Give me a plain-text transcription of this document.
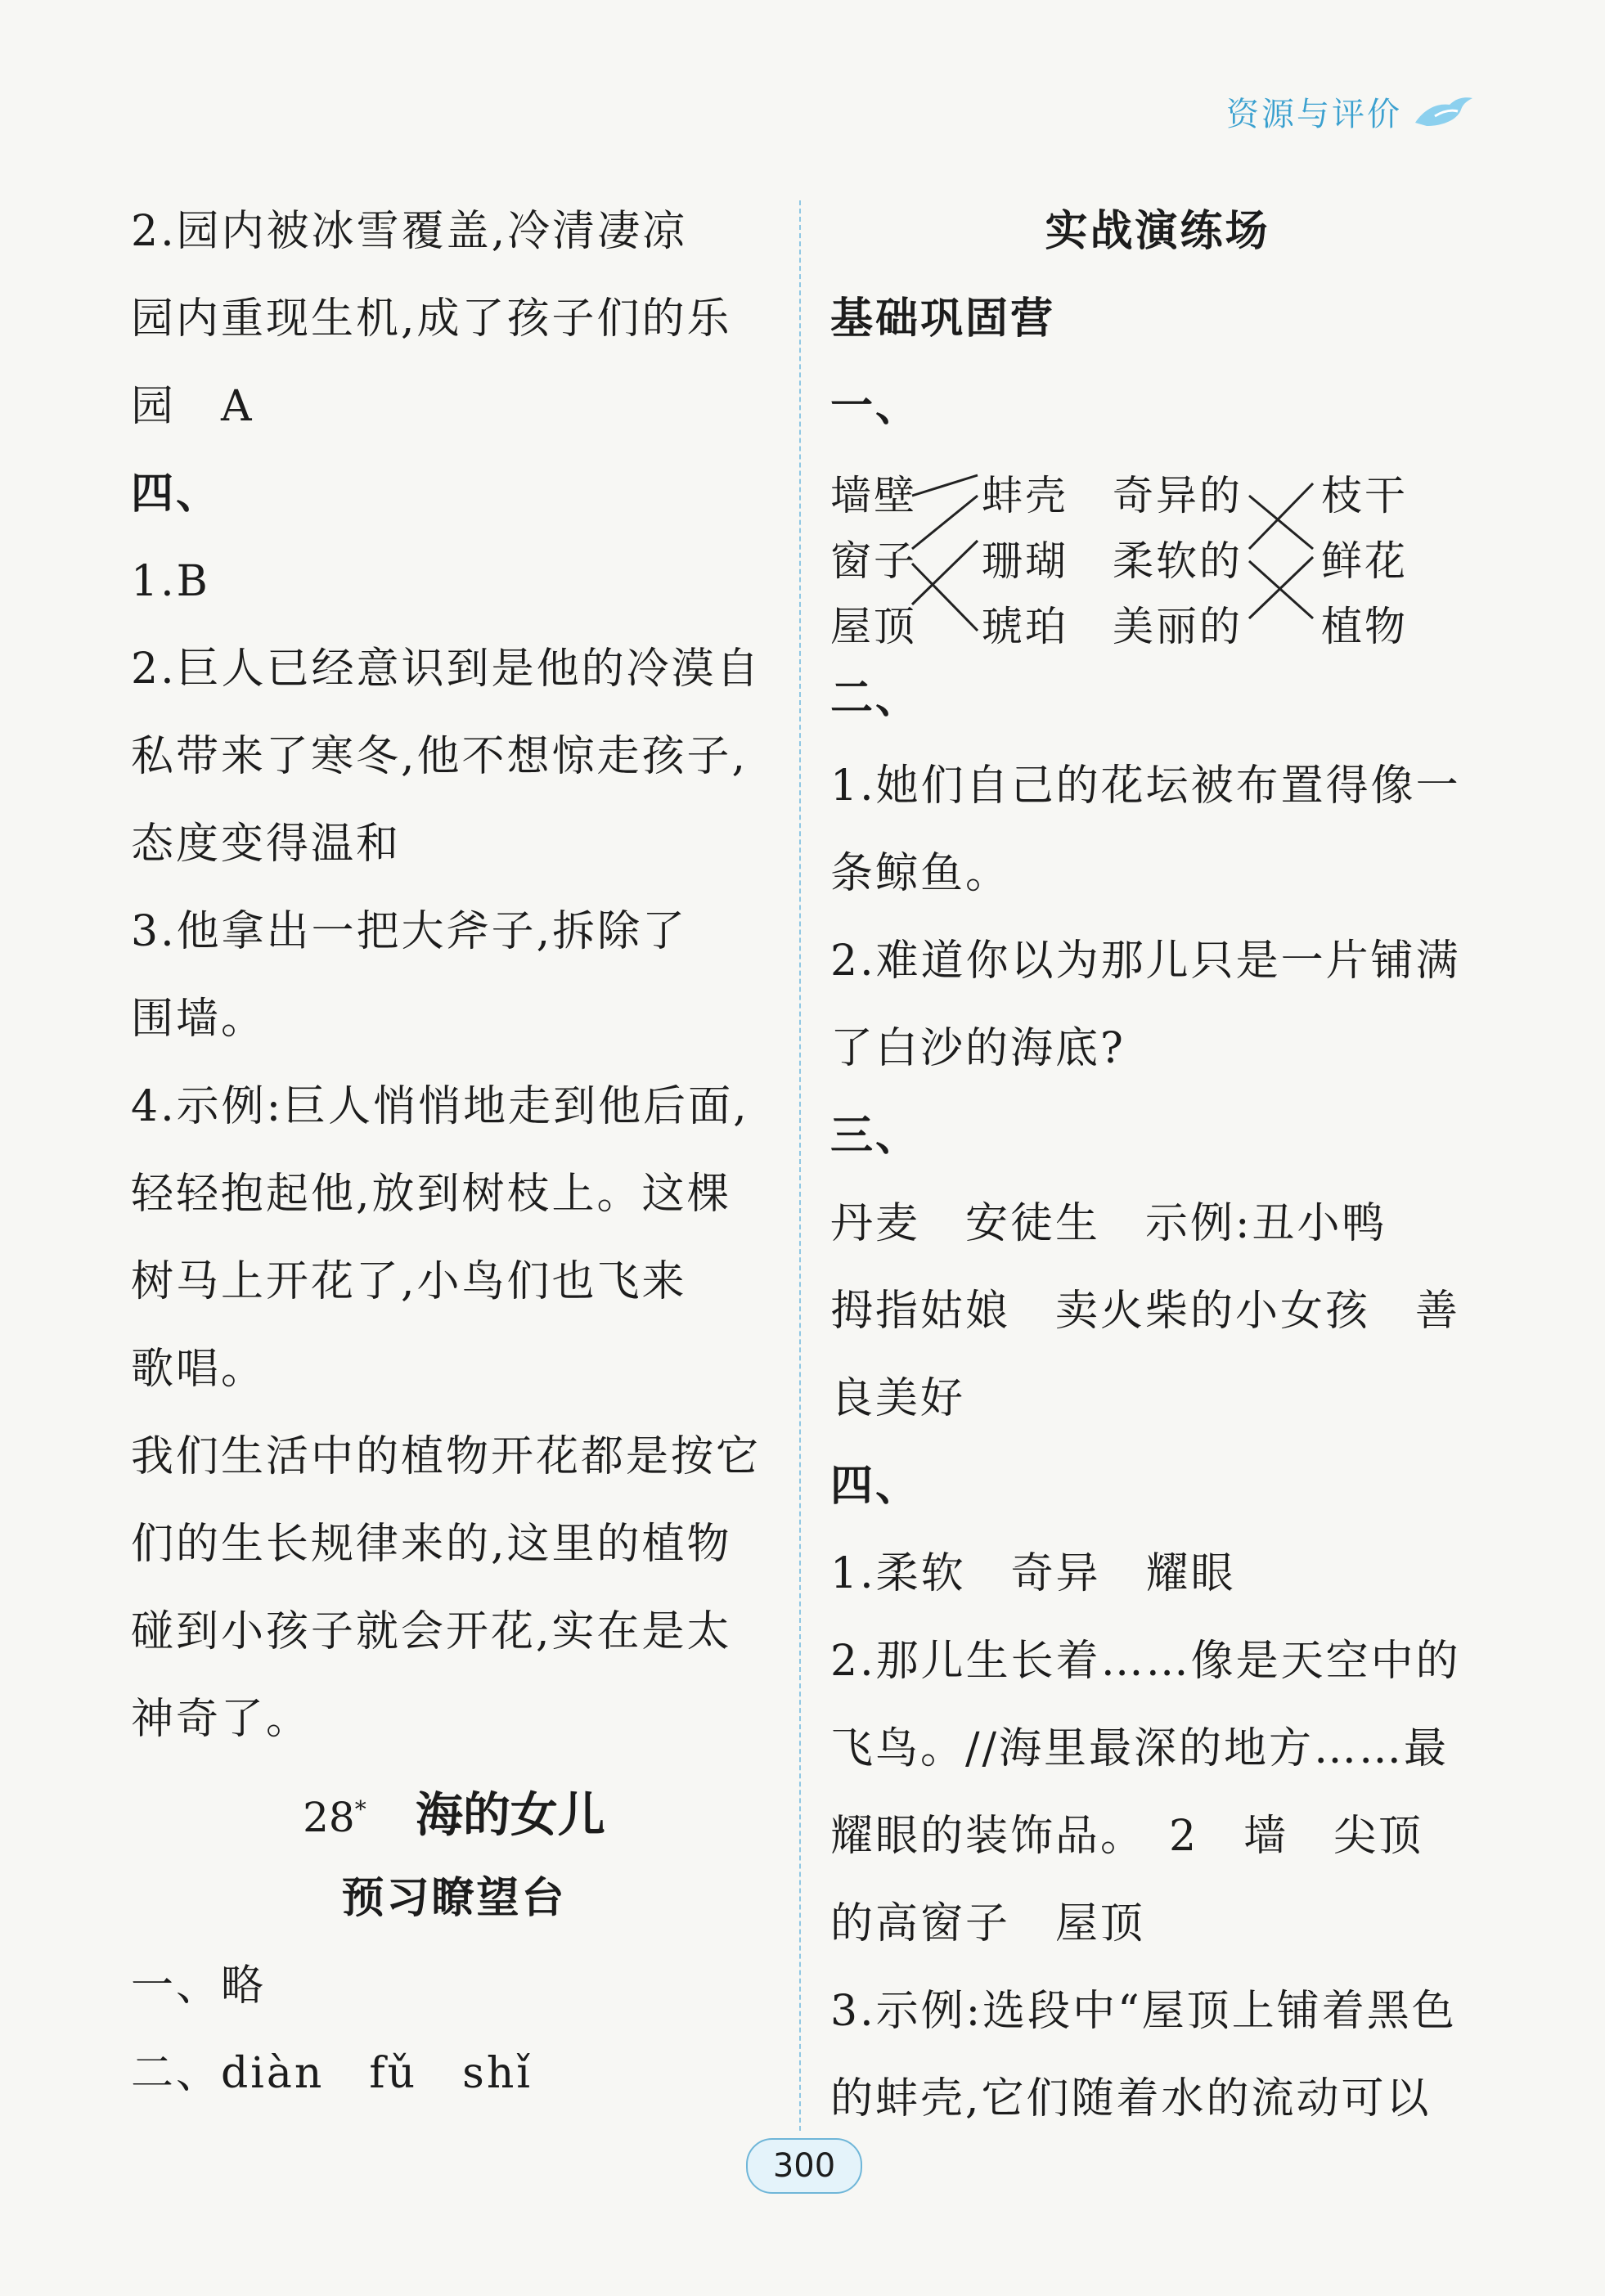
资源与评价
2.园内被冰雪覆盖,冷清凄凉
园内重现生机,成了孩子们的乐
园　A
四、
1.B
2.巨人已经意识到是他的冷漠自
私带来了寒冬,他不想惊走孩子,
态度变得温和
3.他拿出一把大斧子,拆除了
围墙。
4.示例:巨人悄悄地走到他后面,
轻轻抱起他,放到树枝上。这棵
树马上开花了,小鸟们也飞来
歌唱。
我们生活中的植物开花都是按它
们的生长规律来的,这里的植物
碰到小孩子就会开花,实在是太
神奇了。
28* 海的女儿
预习瞭望台
一、略
二、diàn　fǔ　shǐ
实战演练场
基础巩固营
一、
墙壁
窗子
屋顶
蚌壳
珊瑚
琥珀
奇异的
柔软的
美丽的
枝干
鲜花
植物
二、
1.她们自己的花坛被布置得像一
条鲸鱼。
2.难道你以为那儿只是一片铺满
了白沙的海底?
三、
丹麦　安徒生　示例:丑小鸭
拇指姑娘　卖火柴的小女孩　善
良美好
四、
1.柔软　奇异　耀眼
2.那儿生长着……像是天空中的
飞鸟。//海里最深的地方……最
耀眼的装饰品。　2　墙　尖顶
的高窗子　屋顶
3.示例:选段中“屋顶上铺着黑色
的蚌壳,它们随着水的流动可以
300
